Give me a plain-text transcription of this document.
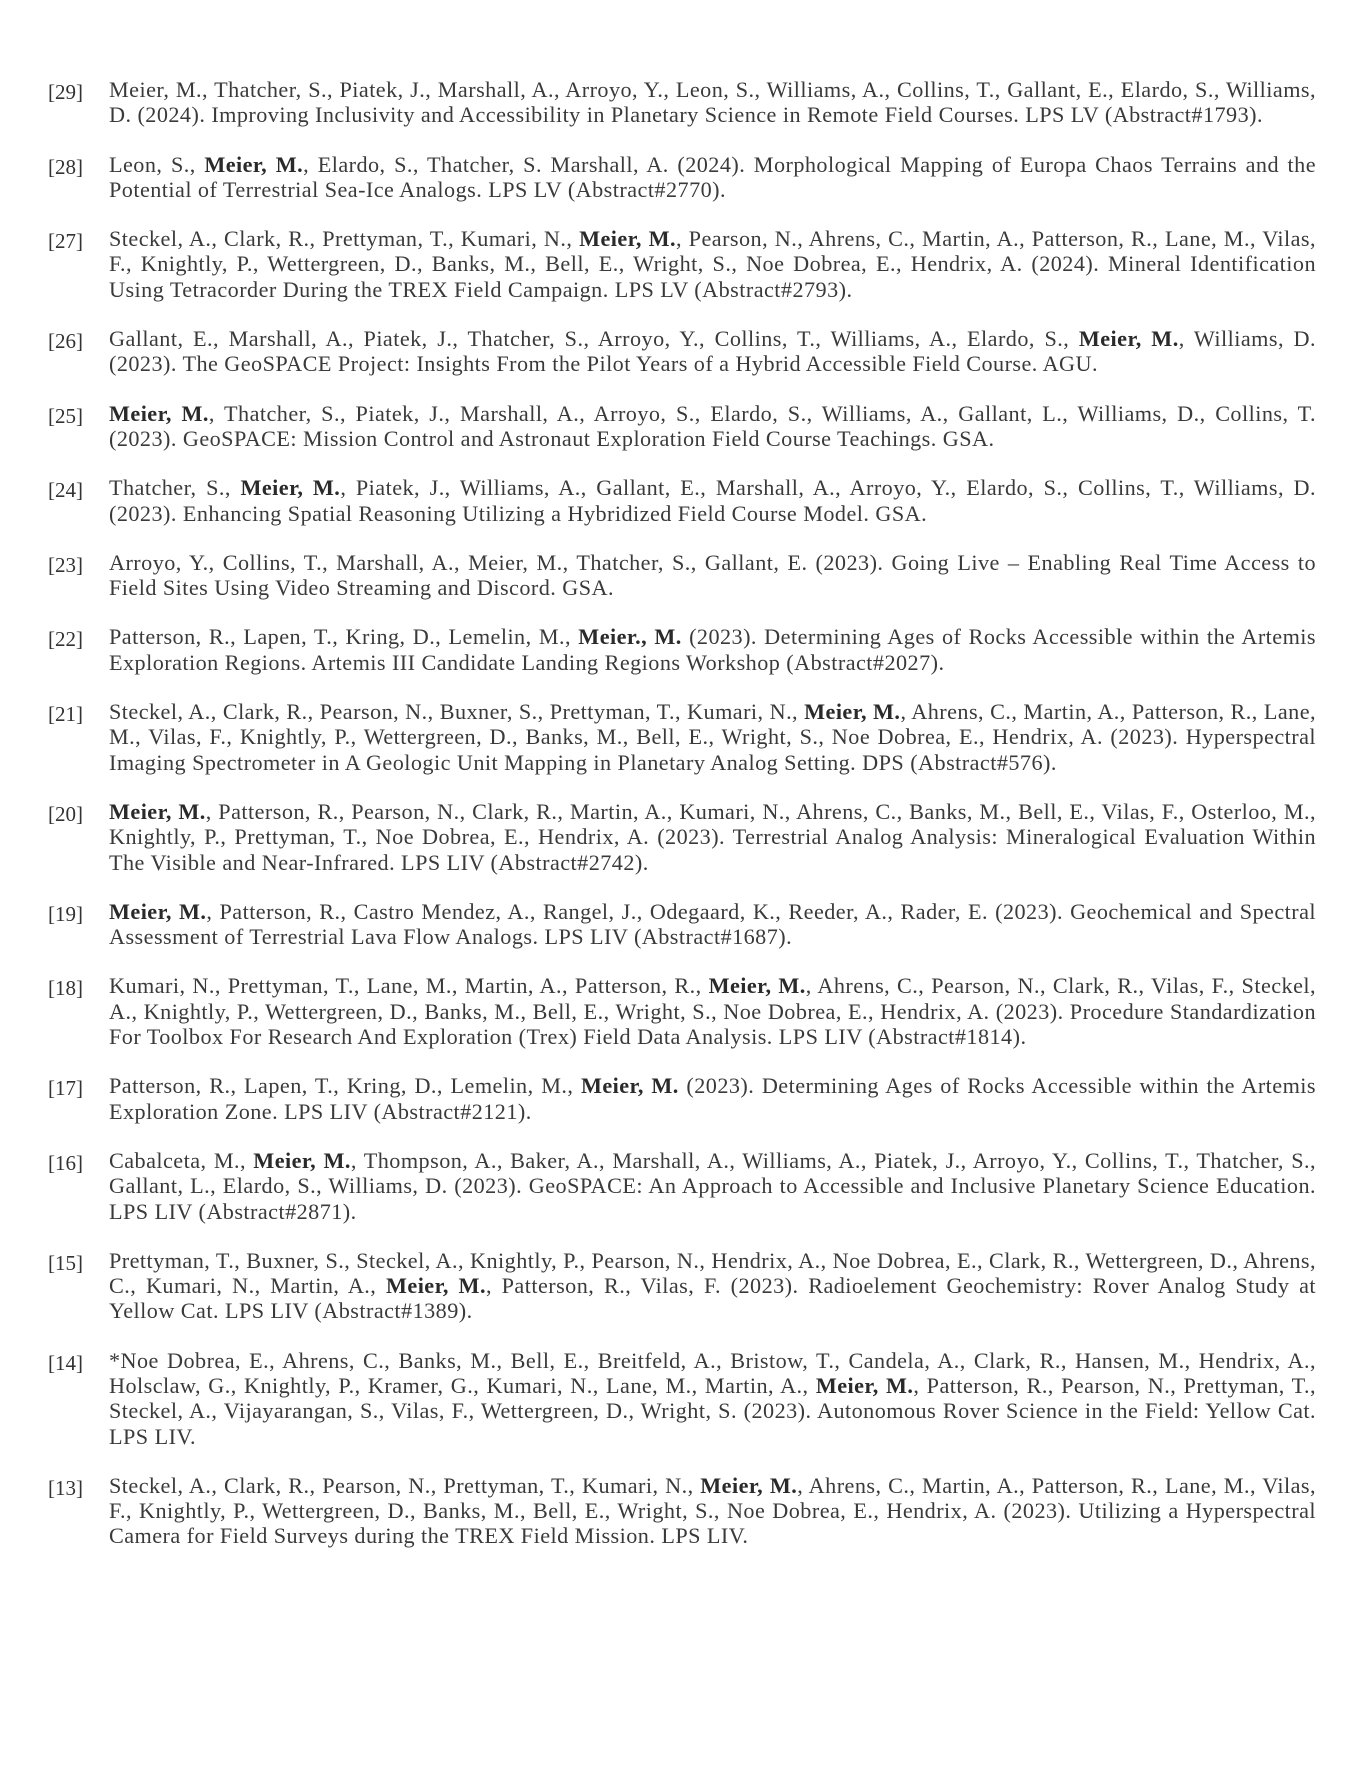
[29]	Meier, M., Thatcher, S., Piatek, J., Marshall, A., Arroyo, Y., Leon, S., Williams, A., Collins, T., Gallant, E., Elardo, S., Williams, D. (2024). Improving Inclusivity and Accessibility in Planetary Science in Remote Field Courses. LPS LV (Abstract#1793).
[28]	Leon, S., Meier, M., Elardo, S., Thatcher, S. Marshall, A. (2024). Morphological Mapping of Europa Chaos Terrains and the Potential of Terrestrial Sea-Ice Analogs. LPS LV (Abstract#2770).
[27]	Steckel, A., Clark, R., Prettyman, T., Kumari, N., Meier, M., Pearson, N., Ahrens, C., Martin, A., Patterson, R., Lane, M., Vilas, F., Knightly, P., Wettergreen, D., Banks, M., Bell, E., Wright, S., Noe Dobrea, E., Hendrix, A. (2024). Mineral Identification Using Tetracorder During the TREX Field Campaign. LPS LV (Abstract#2793).
[26]	Gallant, E., Marshall, A., Piatek, J., Thatcher, S., Arroyo, Y., Collins, T., Williams, A., Elardo, S., Meier, M., Williams, D. (2023). The GeoSPACE Project: Insights From the Pilot Years of a Hybrid Accessible Field Course. AGU.
[25]	Meier, M., Thatcher, S., Piatek, J., Marshall, A., Arroyo, S., Elardo, S., Williams, A., Gallant, L., Williams, D., Collins, T. (2023). GeoSPACE: Mission Control and Astronaut Exploration Field Course Teachings. GSA.
[24]	Thatcher, S., Meier, M., Piatek, J., Williams, A., Gallant, E., Marshall, A., Arroyo, Y., Elardo, S., Collins, T., Williams, D. (2023). Enhancing Spatial Reasoning Utilizing a Hybridized Field Course Model. GSA.
[23]	Arroyo, Y., Collins, T., Marshall, A., Meier, M., Thatcher, S., Gallant, E. (2023). Going Live – Enabling Real Time Access to Field Sites Using Video Streaming and Discord. GSA.
[22]	Patterson, R., Lapen, T., Kring, D., Lemelin, M., Meier., M. (2023). Determining Ages of Rocks Accessible within the Artemis Exploration Regions. Artemis III Candidate Landing Regions Workshop (Abstract#2027).
[21]	Steckel, A., Clark, R., Pearson, N., Buxner, S., Prettyman, T., Kumari, N., Meier, M., Ahrens, C., Martin, A., Patterson, R., Lane, M., Vilas, F., Knightly, P., Wettergreen, D., Banks, M., Bell, E., Wright, S., Noe Dobrea, E., Hendrix, A. (2023). Hyperspectral Imaging Spectrometer in A Geologic Unit Mapping in Planetary Analog Setting. DPS (Abstract#576).
[20]	Meier, M., Patterson, R., Pearson, N., Clark, R., Martin, A., Kumari, N., Ahrens, C., Banks, M., Bell, E., Vilas, F., Osterloo, M., Knightly, P., Prettyman, T., Noe Dobrea, E., Hendrix, A. (2023). Terrestrial Analog Analysis: Mineralogical Evaluation Within The Visible and Near-Infrared. LPS LIV (Abstract#2742).
[19]	Meier, M., Patterson, R., Castro Mendez, A., Rangel, J., Odegaard, K., Reeder, A., Rader, E. (2023). Geochemical and Spectral Assessment of Terrestrial Lava Flow Analogs. LPS LIV (Abstract#1687).
[18]	Kumari, N., Prettyman, T., Lane, M., Martin, A., Patterson, R., Meier, M., Ahrens, C., Pearson, N., Clark, R., Vilas, F., Steckel, A., Knightly, P., Wettergreen, D., Banks, M., Bell, E., Wright, S., Noe Dobrea, E., Hendrix, A. (2023). Procedure Standardization For Toolbox For Research And Exploration (Trex) Field Data Analysis. LPS LIV (Abstract#1814).
[17]	Patterson, R., Lapen, T., Kring, D., Lemelin, M., Meier, M. (2023). Determining Ages of Rocks Accessible within the Artemis Exploration Zone. LPS LIV (Abstract#2121).
[16]	Cabalceta, M., Meier, M., Thompson, A., Baker, A., Marshall, A., Williams, A., Piatek, J., Arroyo, Y., Collins, T., Thatcher, S., Gallant, L., Elardo, S., Williams, D. (2023). GeoSPACE: An Approach to Accessible and Inclusive Planetary Science Education. LPS LIV (Abstract#2871).
[15]	Prettyman, T., Buxner, S., Steckel, A., Knightly, P., Pearson, N., Hendrix, A., Noe Dobrea, E., Clark, R., Wettergreen, D., Ahrens, C., Kumari, N., Martin, A., Meier, M., Patterson, R., Vilas, F. (2023). Radioelement Geochemistry: Rover Analog Study at Yellow Cat. LPS LIV (Abstract#1389).
[14]	*Noe Dobrea, E., Ahrens, C., Banks, M., Bell, E., Breitfeld, A., Bristow, T., Candela, A., Clark, R., Hansen, M., Hendrix, A., Holsclaw, G., Knightly, P., Kramer, G., Kumari, N., Lane, M., Martin, A., Meier, M., Patterson, R., Pearson, N., Prettyman, T., Steckel, A., Vijayarangan, S., Vilas, F., Wettergreen, D., Wright, S. (2023). Autonomous Rover Science in the Field: Yellow Cat. LPS LIV.
[13]	Steckel, A., Clark, R., Pearson, N., Prettyman, T., Kumari, N., Meier, M., Ahrens, C., Martin, A., Patterson, R., Lane, M., Vilas, F., Knightly, P., Wettergreen, D., Banks, M., Bell, E., Wright, S., Noe Dobrea, E., Hendrix, A. (2023). Utilizing a Hyperspectral Camera for Field Surveys during the TREX Field Mission. LPS LIV.
